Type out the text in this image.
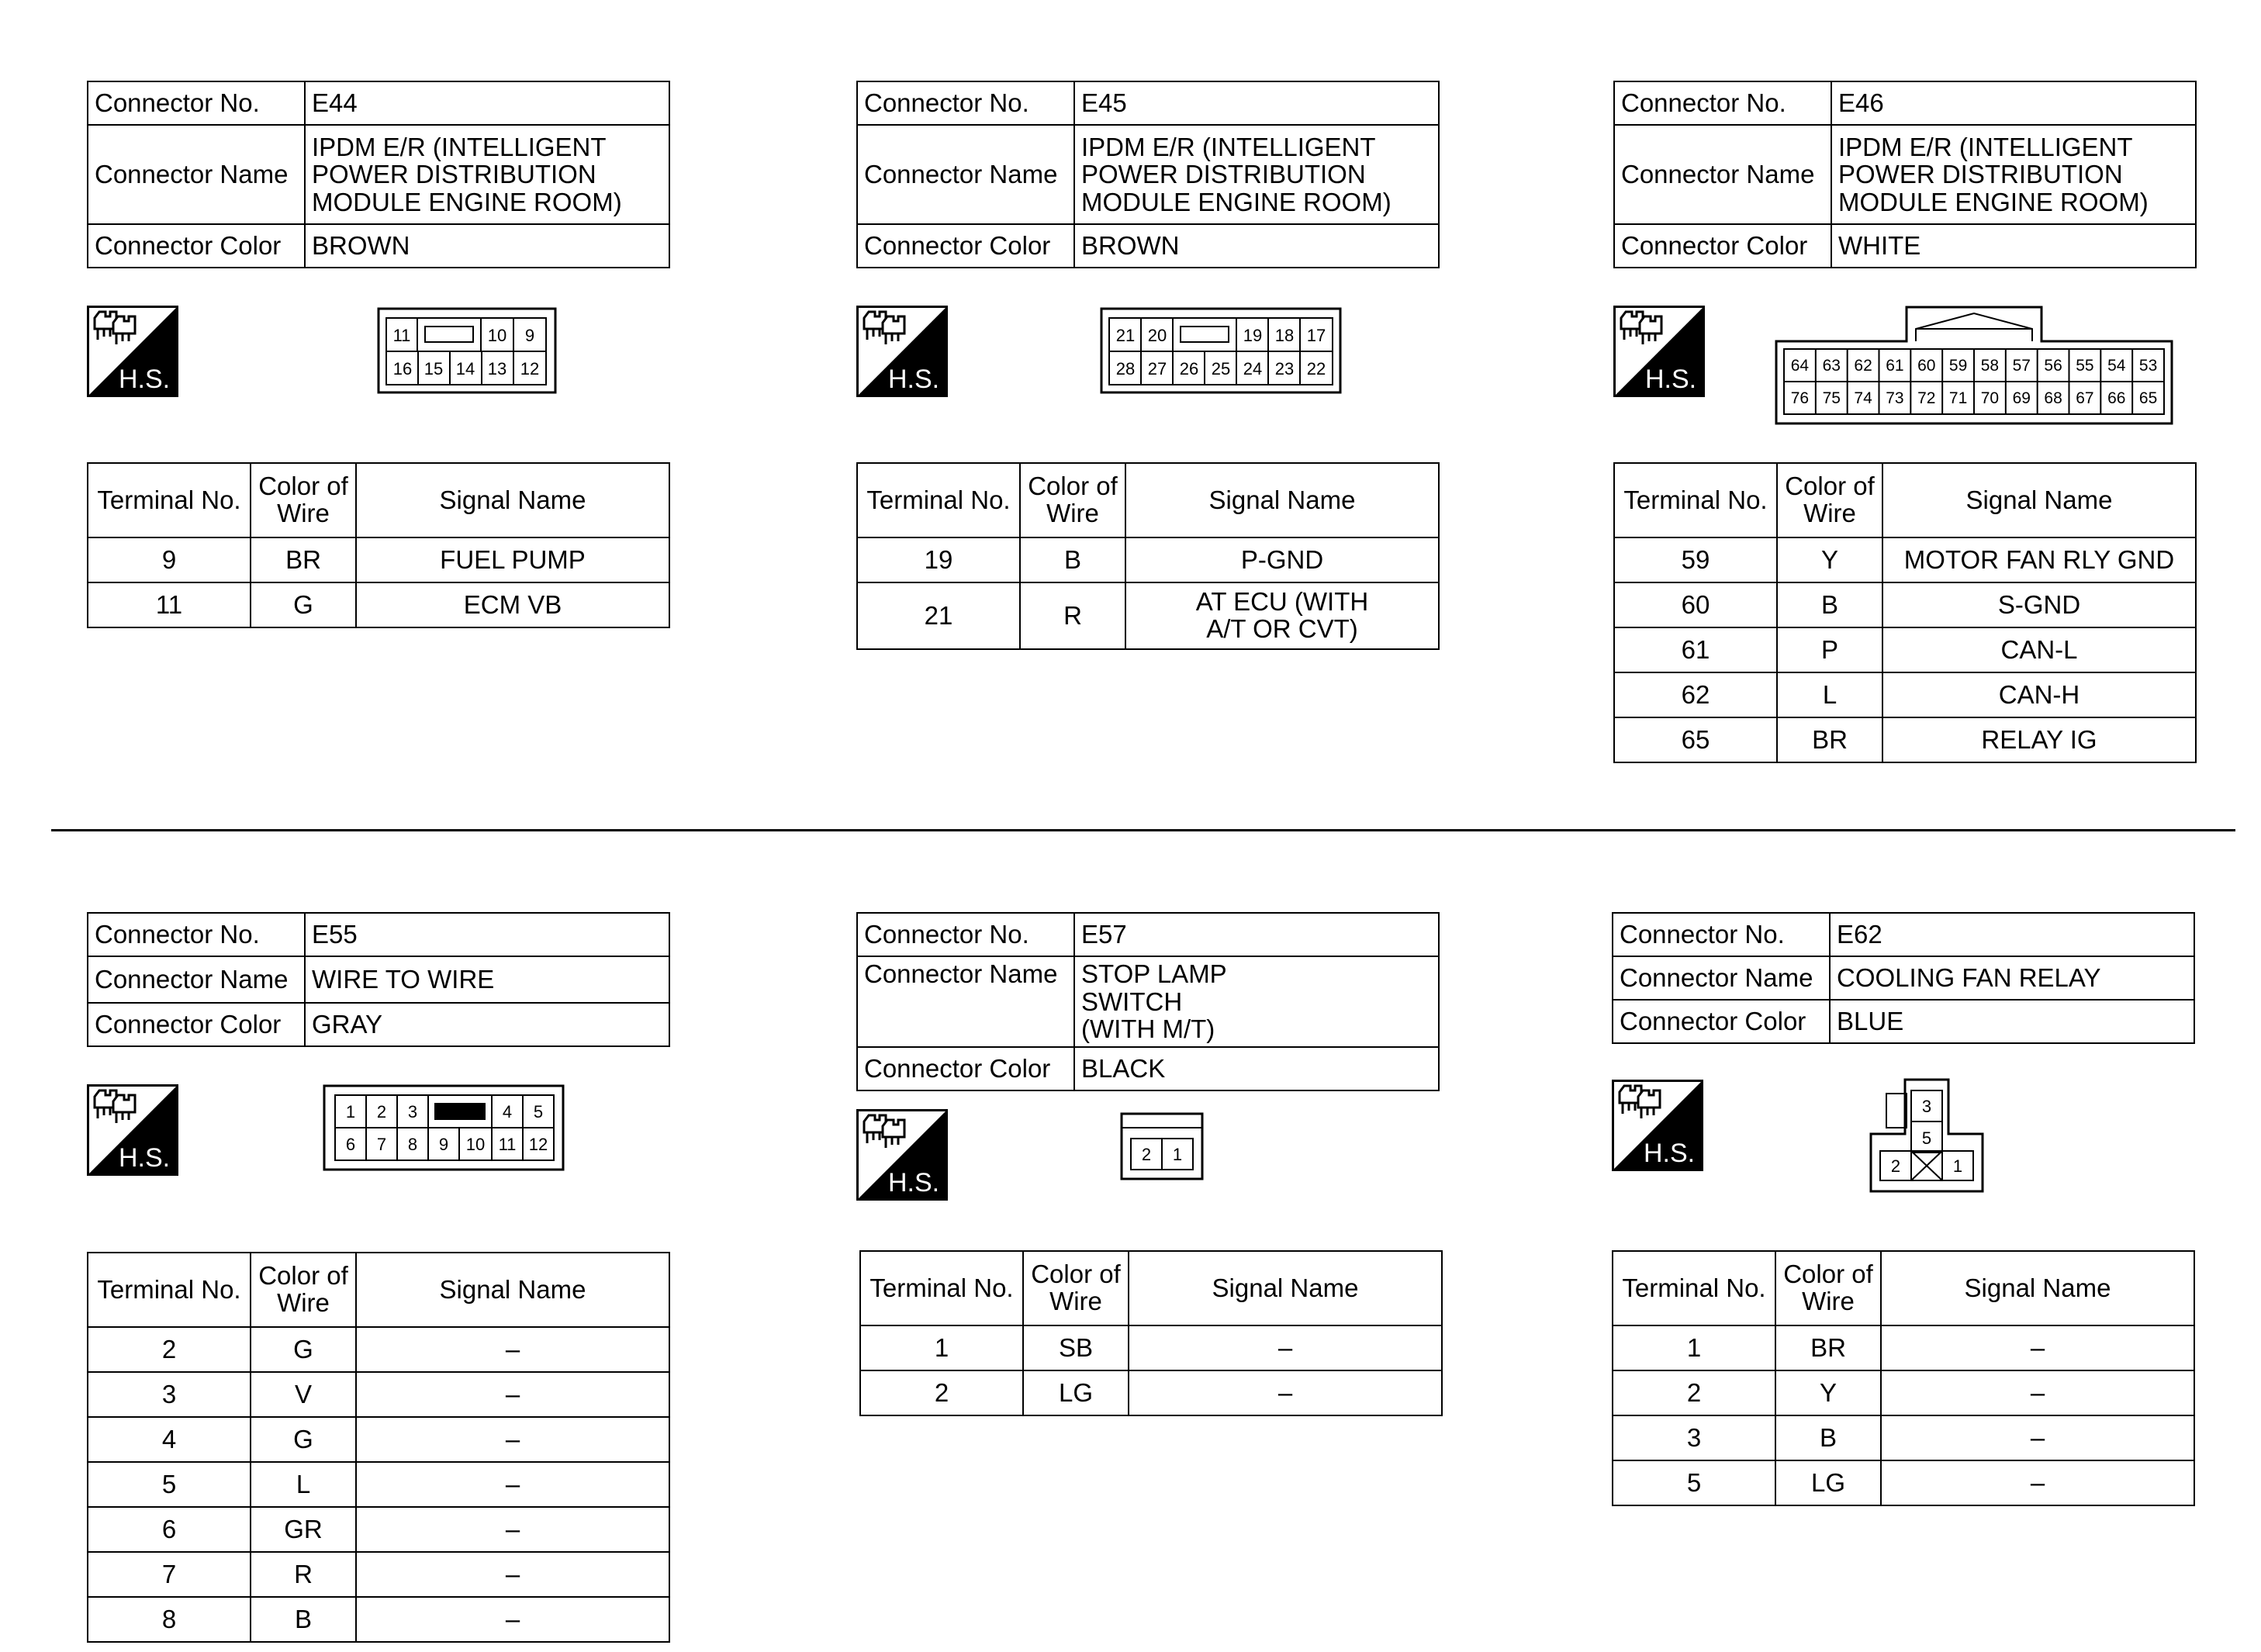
Connector No.	E44
Connector Name	IPDM E/R (INTELLIGENT POWER DISTRIBUTION MODULE ENGINE ROOM)
Connector Color	BROWN
11	10 9
16 15 14 13 12
Terminal No.	Color of Wire	Signal Name
9	BR	FUEL PUMP
11	G	ECM VB
Connector No.	E45
Connector Name	IPDM E/R (INTELLIGENT POWER DISTRIBUTION MODULE ENGINE ROOM)
Connector Color	BROWN
21 20	19 18 17
28 27 26 25 24 23 22
Terminal No.	Color of Wire	Signal Name
19	B	P-GND
21	R	AT ECU (WITH A/T OR CVT)
Connector No.	E46
Connector Name	IPDM E/R (INTELLIGENT POWER DISTRIBUTION MODULE ENGINE ROOM)
Connector Color	WHITE
64 63 62 61 60 59 58 57 56 55 54 53
76 75 74 73 72 71 70 69 68 67 66 65
Terminal No.	Color of Wire	Signal Name
59	Y	MOTOR FAN RLY GND
60	B	S-GND
61	P	CAN-L
62	L	CAN-H
65	BR	RELAY IG
Connector No.	E55
Connector Name	WIRE TO WIRE
Connector Color	GRAY
1 2 3	4 5
6 7 8 9 10 11 12
Terminal No.	Color of Wire	Signal Name
2	G	–
3	V	–
4	G	–
5	L	–
6	GR	–
7	R	–
8	B	–
Connector No.	E57
Connector Name	STOP LAMP SWITCH (WITH M/T)
Connector Color	BLACK
2 1
Terminal No.	Color of Wire	Signal Name
1	SB	–
2	LG	–
Connector No.	E62
Connector Name	COOLING FAN RELAY
Connector Color	BLUE
3
5
2	1
Terminal No.	Color of Wire	Signal Name
1	BR	–
2	Y	–
3	B	–
5	LG	–
